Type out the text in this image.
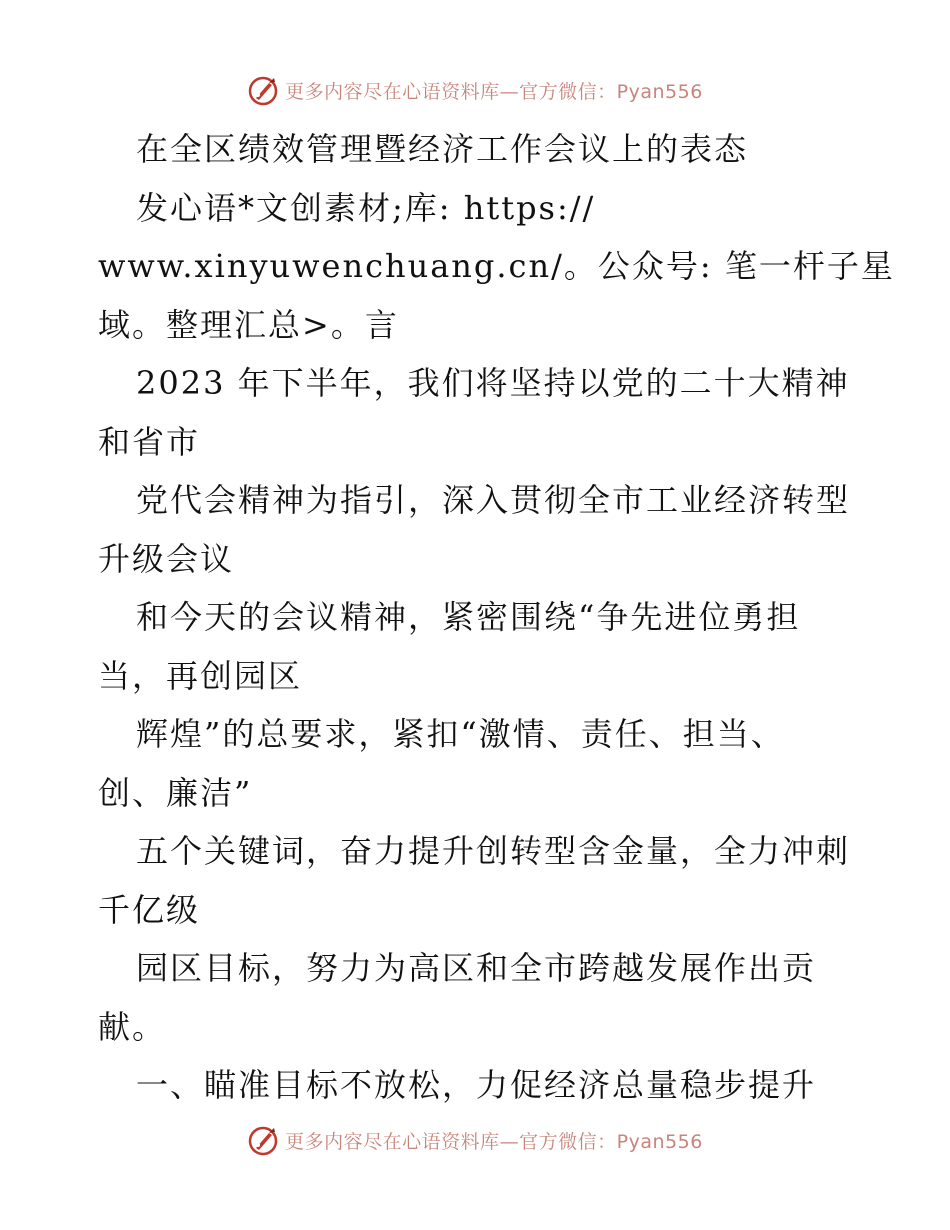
更多内容尽在心语资料库—官方微信：Pyan556
在全区绩效管理暨经济工作会议上的表态
发心语*文创素材;库: https://
www.xinyuwenchuang.cn/。公众号: 笔一杆子星
域。整理汇总>。言
2023 年下半年，我们将坚持以党的二十大精神
和省市
党代会精神为指引，深入贯彻全市工业经济转型
升级会议
和今天的会议精神，紧密围绕“争先进位勇担
当，再创园区
辉煌”的总要求，紧扣“激情、责任、担当、
创、廉洁”
五个关键词，奋力提升创转型含金量，全力冲刺
千亿级
园区目标，努力为高区和全市跨越发展作出贡
献。
一、瞄准目标不放松，力促经济总量稳步提升
更多内容尽在心语资料库—官方微信：Pyan556
